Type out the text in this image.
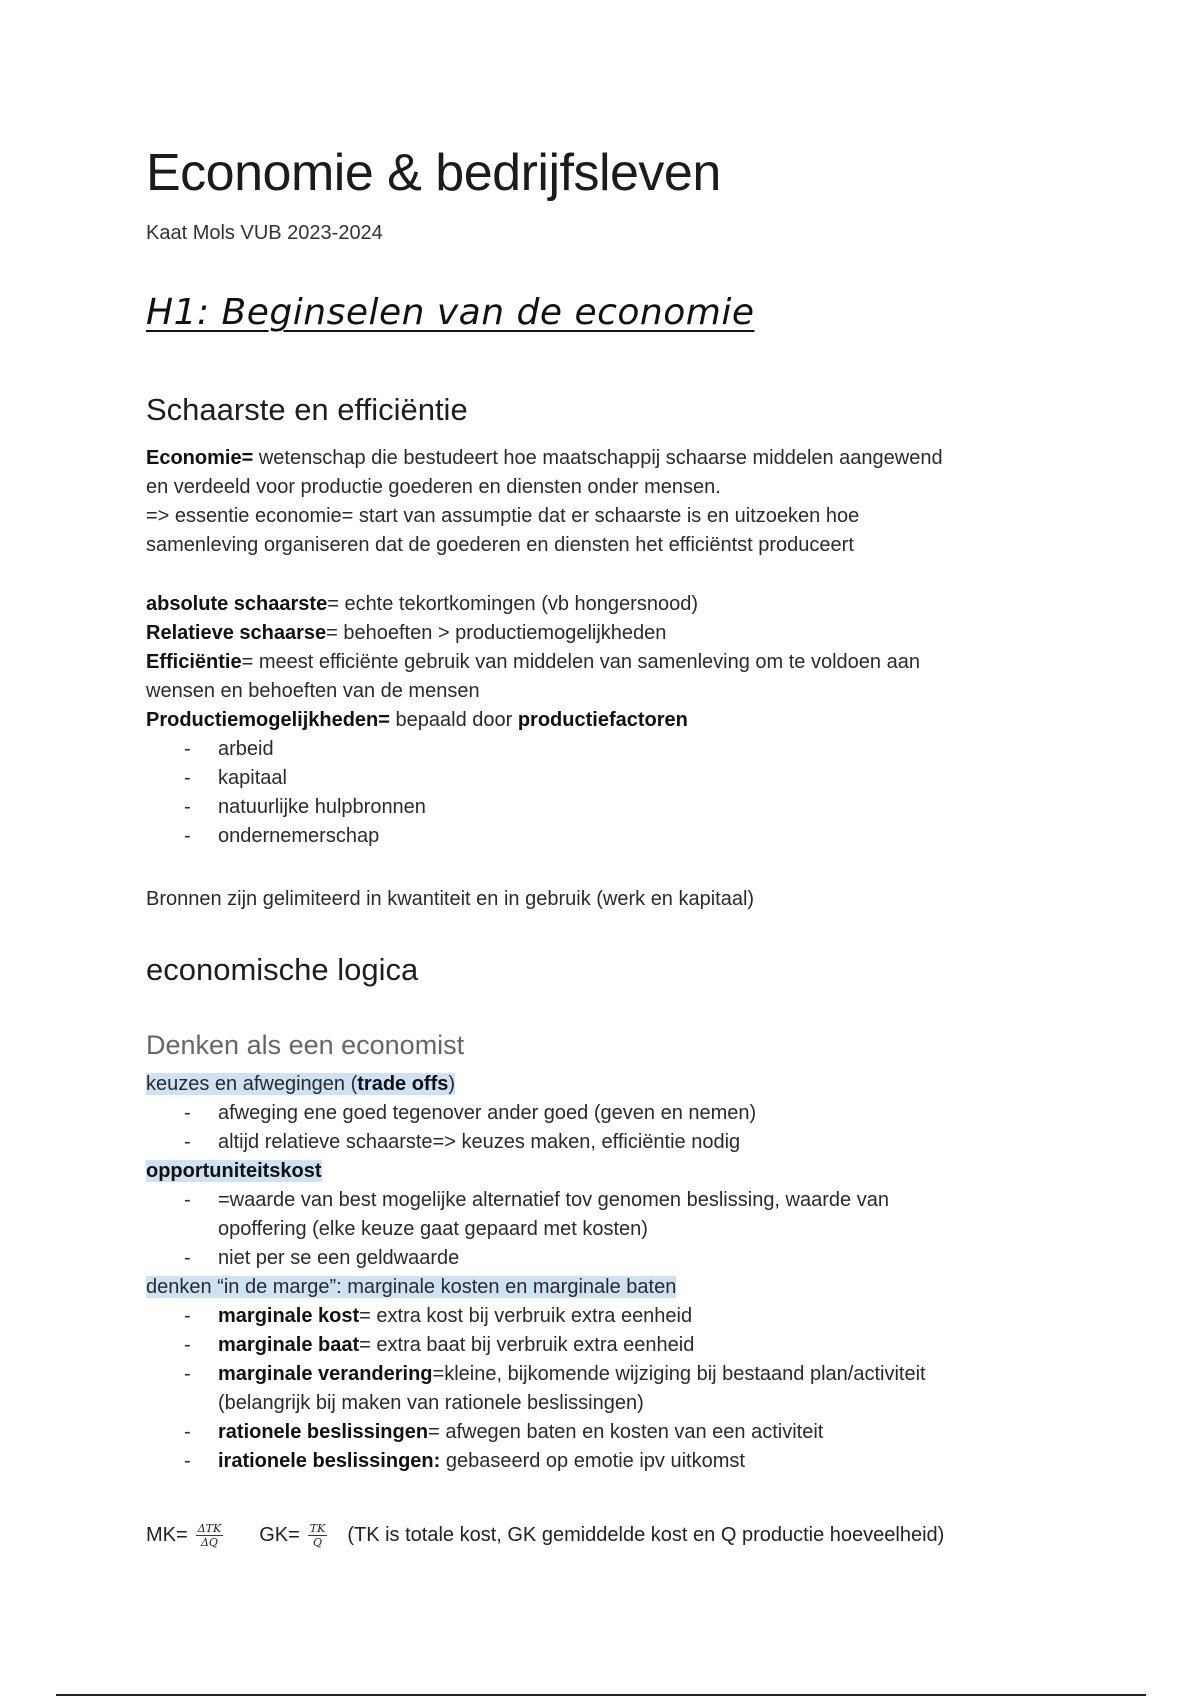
Economie & bedrijfsleven
Kaat Mols VUB 2023-2024
H1: Beginselen van de economie
Schaarste en efficiëntie
Economie= wetenschap die bestudeert hoe maatschappij schaarse middelen aangewend
en verdeeld voor productie goederen en diensten onder mensen.
=> essentie economie= start van assumptie dat er schaarste is en uitzoeken hoe
samenleving organiseren dat de goederen en diensten het efficiëntst produceert
absolute schaarste= echte tekortkomingen (vb hongersnood)
Relatieve schaarse= behoeften > productiemogelijkheden
Efficiëntie= meest efficiënte gebruik van middelen van samenleving om te voldoen aan
wensen en behoeften van de mensen
Productiemogelijkheden= bepaald door productiefactoren
- arbeid
- kapitaal
- natuurlijke hulpbronnen
- ondernemerschap
Bronnen zijn gelimiteerd in kwantiteit en in gebruik (werk en kapitaal)
economische logica
Denken als een economist
keuzes en afwegingen (trade offs)
- afweging ene goed tegenover ander goed (geven en nemen)
- altijd relatieve schaarste=> keuzes maken, efficiëntie nodig
opportuniteitskost
- =waarde van best mogelijke alternatief tov genomen beslissing, waarde van
opoffering (elke keuze gaat gepaard met kosten)
- niet per se een geldwaarde
denken “in de marge”: marginale kosten en marginale baten
- marginale kost= extra kost bij verbruik extra eenheid
- marginale baat= extra baat bij verbruik extra eenheid
- marginale verandering=kleine, bijkomende wijziging bij bestaand plan/activiteit
(belangrijk bij maken van rationele beslissingen)
- rationele beslissingen= afwegen baten en kosten van een activiteit
- irationele beslissingen: gebaseerd op emotie ipv uitkomst
$MK= \frac{\text{ΔTK}}{\Delta Q} GK= \frac{TK}{Q} (TK$ is totale kost, GK gemiddelde kost en Q productie hoeveelheid)
